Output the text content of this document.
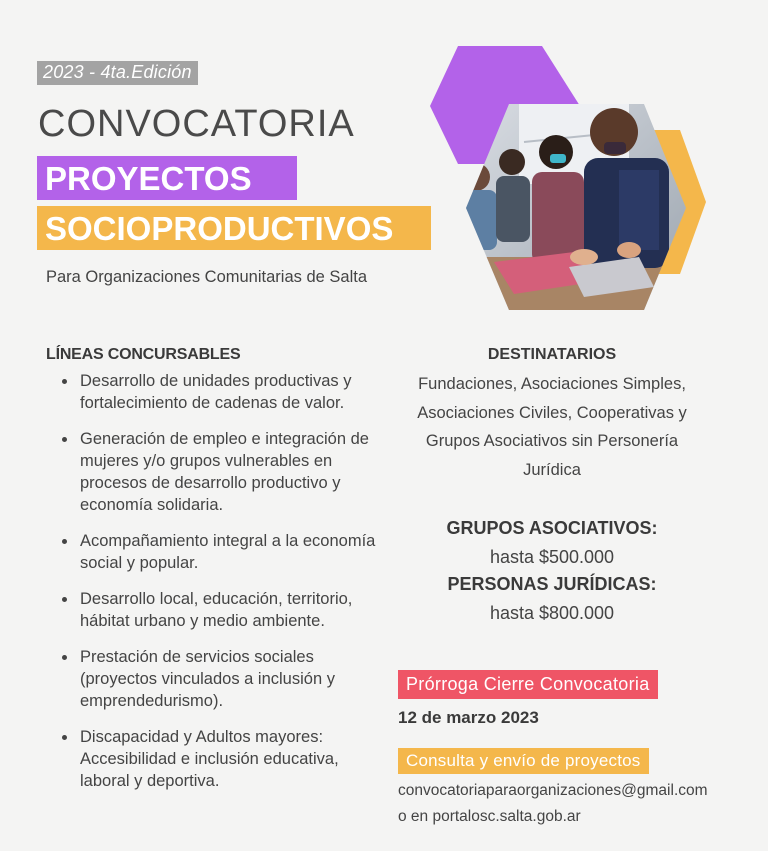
2023 - 4ta.Edición
CONVOCATORIA
PROYECTOS
SOCIOPRODUCTIVOS
Para Organizaciones Comunitarias de Salta
LÍNEAS CONCURSABLES
Desarrollo de unidades productivas y fortalecimiento de cadenas de valor.
Generación de empleo e integración de mujeres y/o grupos vulnerables en procesos de desarrollo productivo y economía solidaria.
Acompañamiento integral a la economía social y popular.
Desarrollo local, educación, territorio, hábitat urbano y medio ambiente.
Prestación de servicios sociales (proyectos vinculados a inclusión y emprendedurismo).
Discapacidad y Adultos mayores: Accesibilidad e inclusión educativa, laboral y deportiva.
DESTINATARIOS
Fundaciones, Asociaciones Simples, Asociaciones Civiles, Cooperativas y Grupos Asociativos sin Personería Jurídica
GRUPOS ASOCIATIVOS:
hasta $500.000
PERSONAS JURÍDICAS:
hasta $800.000
Prórroga Cierre Convocatoria
12 de marzo 2023
Consulta y envío de proyectos
convocatoriaparaorganizaciones@gmail.com
o en portalosc.salta.gob.ar
